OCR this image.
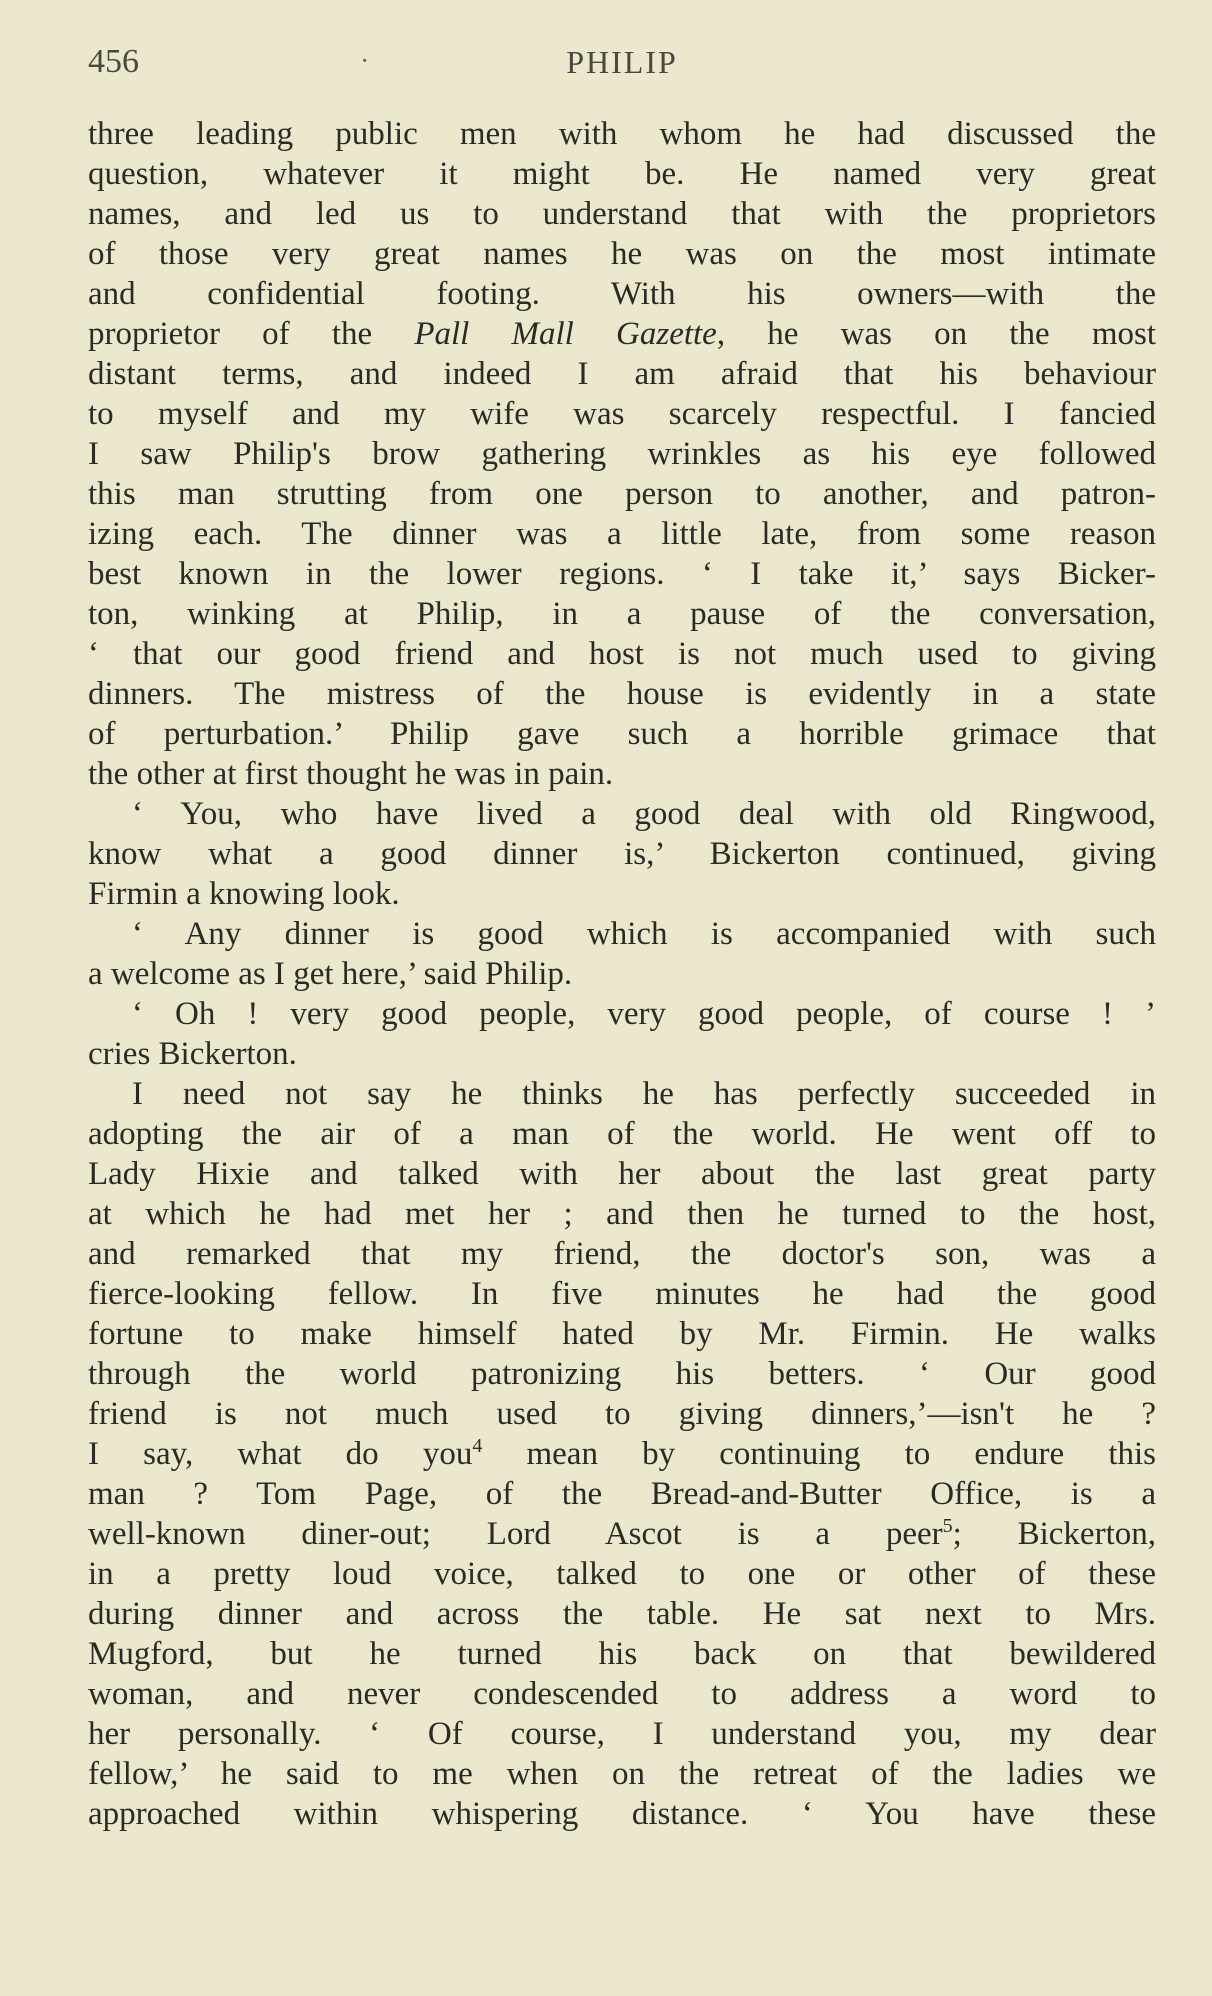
456	·	PHILIP
three leading public men with whom he had discussed the
question, whatever it might be. He named very great
names, and led us to understand that with the proprietors
of those very great names he was on the most intimate
and confidential footing. With his owners—with the
proprietor of the Pall Mall Gazette, he was on the most
distant terms, and indeed I am afraid that his behaviour
to myself and my wife was scarcely respectful. I fancied
I saw Philip's brow gathering wrinkles as his eye followed
this man strutting from one person to another, and patron-
izing each. The dinner was a little late, from some reason
best known in the lower regions. ‘ I take it,’ says Bicker-
ton, winking at Philip, in a pause of the conversation,
‘ that our good friend and host is not much used to giving
dinners. The mistress of the house is evidently in a state
of perturbation.’ Philip gave such a horrible grimace that
the other at first thought he was in pain.
‘ You, who have lived a good deal with old Ringwood,
know what a good dinner is,’ Bickerton continued, giving
Firmin a knowing look.
‘ Any dinner is good which is accompanied with such
a welcome as I get here,’ said Philip.
‘ Oh ! very good people, very good people, of course ! ’
cries Bickerton.
I need not say he thinks he has perfectly succeeded in
adopting the air of a man of the world. He went off to
Lady Hixie and talked with her about the last great party
at which he had met her ; and then he turned to the host,
and remarked that my friend, the doctor's son, was a
fierce-looking fellow. In five minutes he had the good
fortune to make himself hated by Mr. Firmin. He walks
through the world patronizing his betters. ‘ Our good
friend is not much used to giving dinners,’—isn't he ?
I say, what do you$^4$ mean by continuing to endure this
man ? Tom Page, of the Bread-and-Butter Office, is a
well-known diner-out; Lord Ascot is a peer$^5$; Bickerton,
in a pretty loud voice, talked to one or other of these
during dinner and across the table. He sat next to Mrs.
Mugford, but he turned his back on that bewildered
woman, and never condescended to address a word to
her personally. ‘ Of course, I understand you, my dear
fellow,’ he said to me when on the retreat of the ladies we
approached within whispering distance. ‘ You have these
